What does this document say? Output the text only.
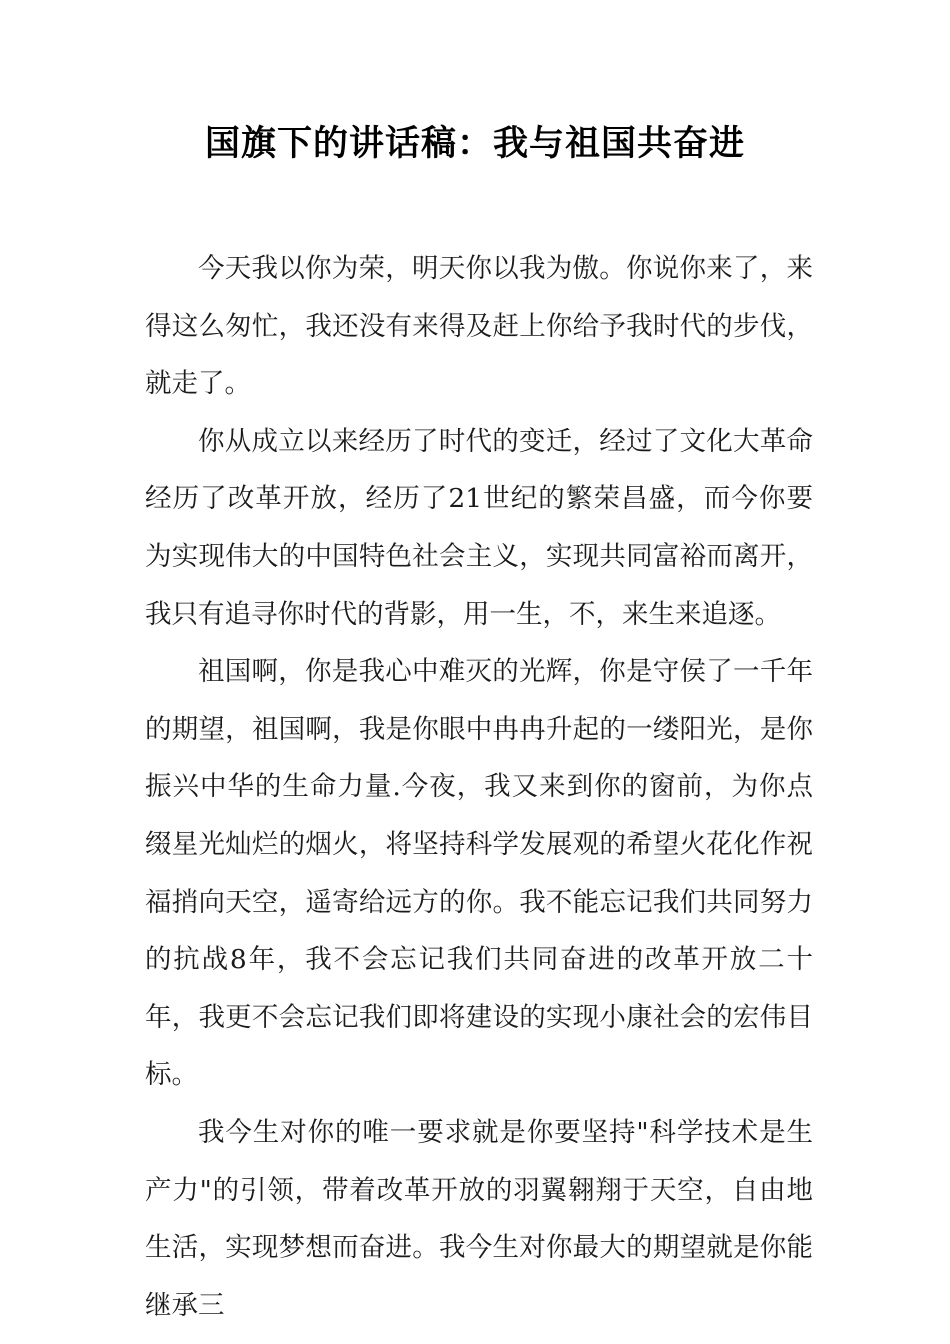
国旗下的讲话稿：我与祖国共奋进

今天我以你为荣，明天你以我为傲。你说你来了，来得这么匆忙，我还没有来得及赶上你给予我时代的步伐，就走了。

你从成立以来经历了时代的变迁，经过了文化大革命经历了改革开放，经历了21世纪的繁荣昌盛，而今你要为实现伟大的中国特色社会主义，实现共同富裕而离开，我只有追寻你时代的背影，用一生，不，来生来追逐。

祖国啊，你是我心中难灭的光辉，你是守侯了一千年的期望，祖国啊，我是你眼中冉冉升起的一缕阳光，是你振兴中华的生命力量.今夜，我又来到你的窗前，为你点缀星光灿烂的烟火，将坚持科学发展观的希望火花化作祝福捎向天空，遥寄给远方的你。我不能忘记我们共同努力的抗战8年，我不会忘记我们共同奋进的改革开放二十年，我更不会忘记我们即将建设的实现小康社会的宏伟目标。

我今生对你的唯一要求就是你要坚持"科学技术是生产力"的引领，带着改革开放的羽翼翱翔于天空，自由地生活，实现梦想而奋进。我今生对你最大的期望就是你能继承三
